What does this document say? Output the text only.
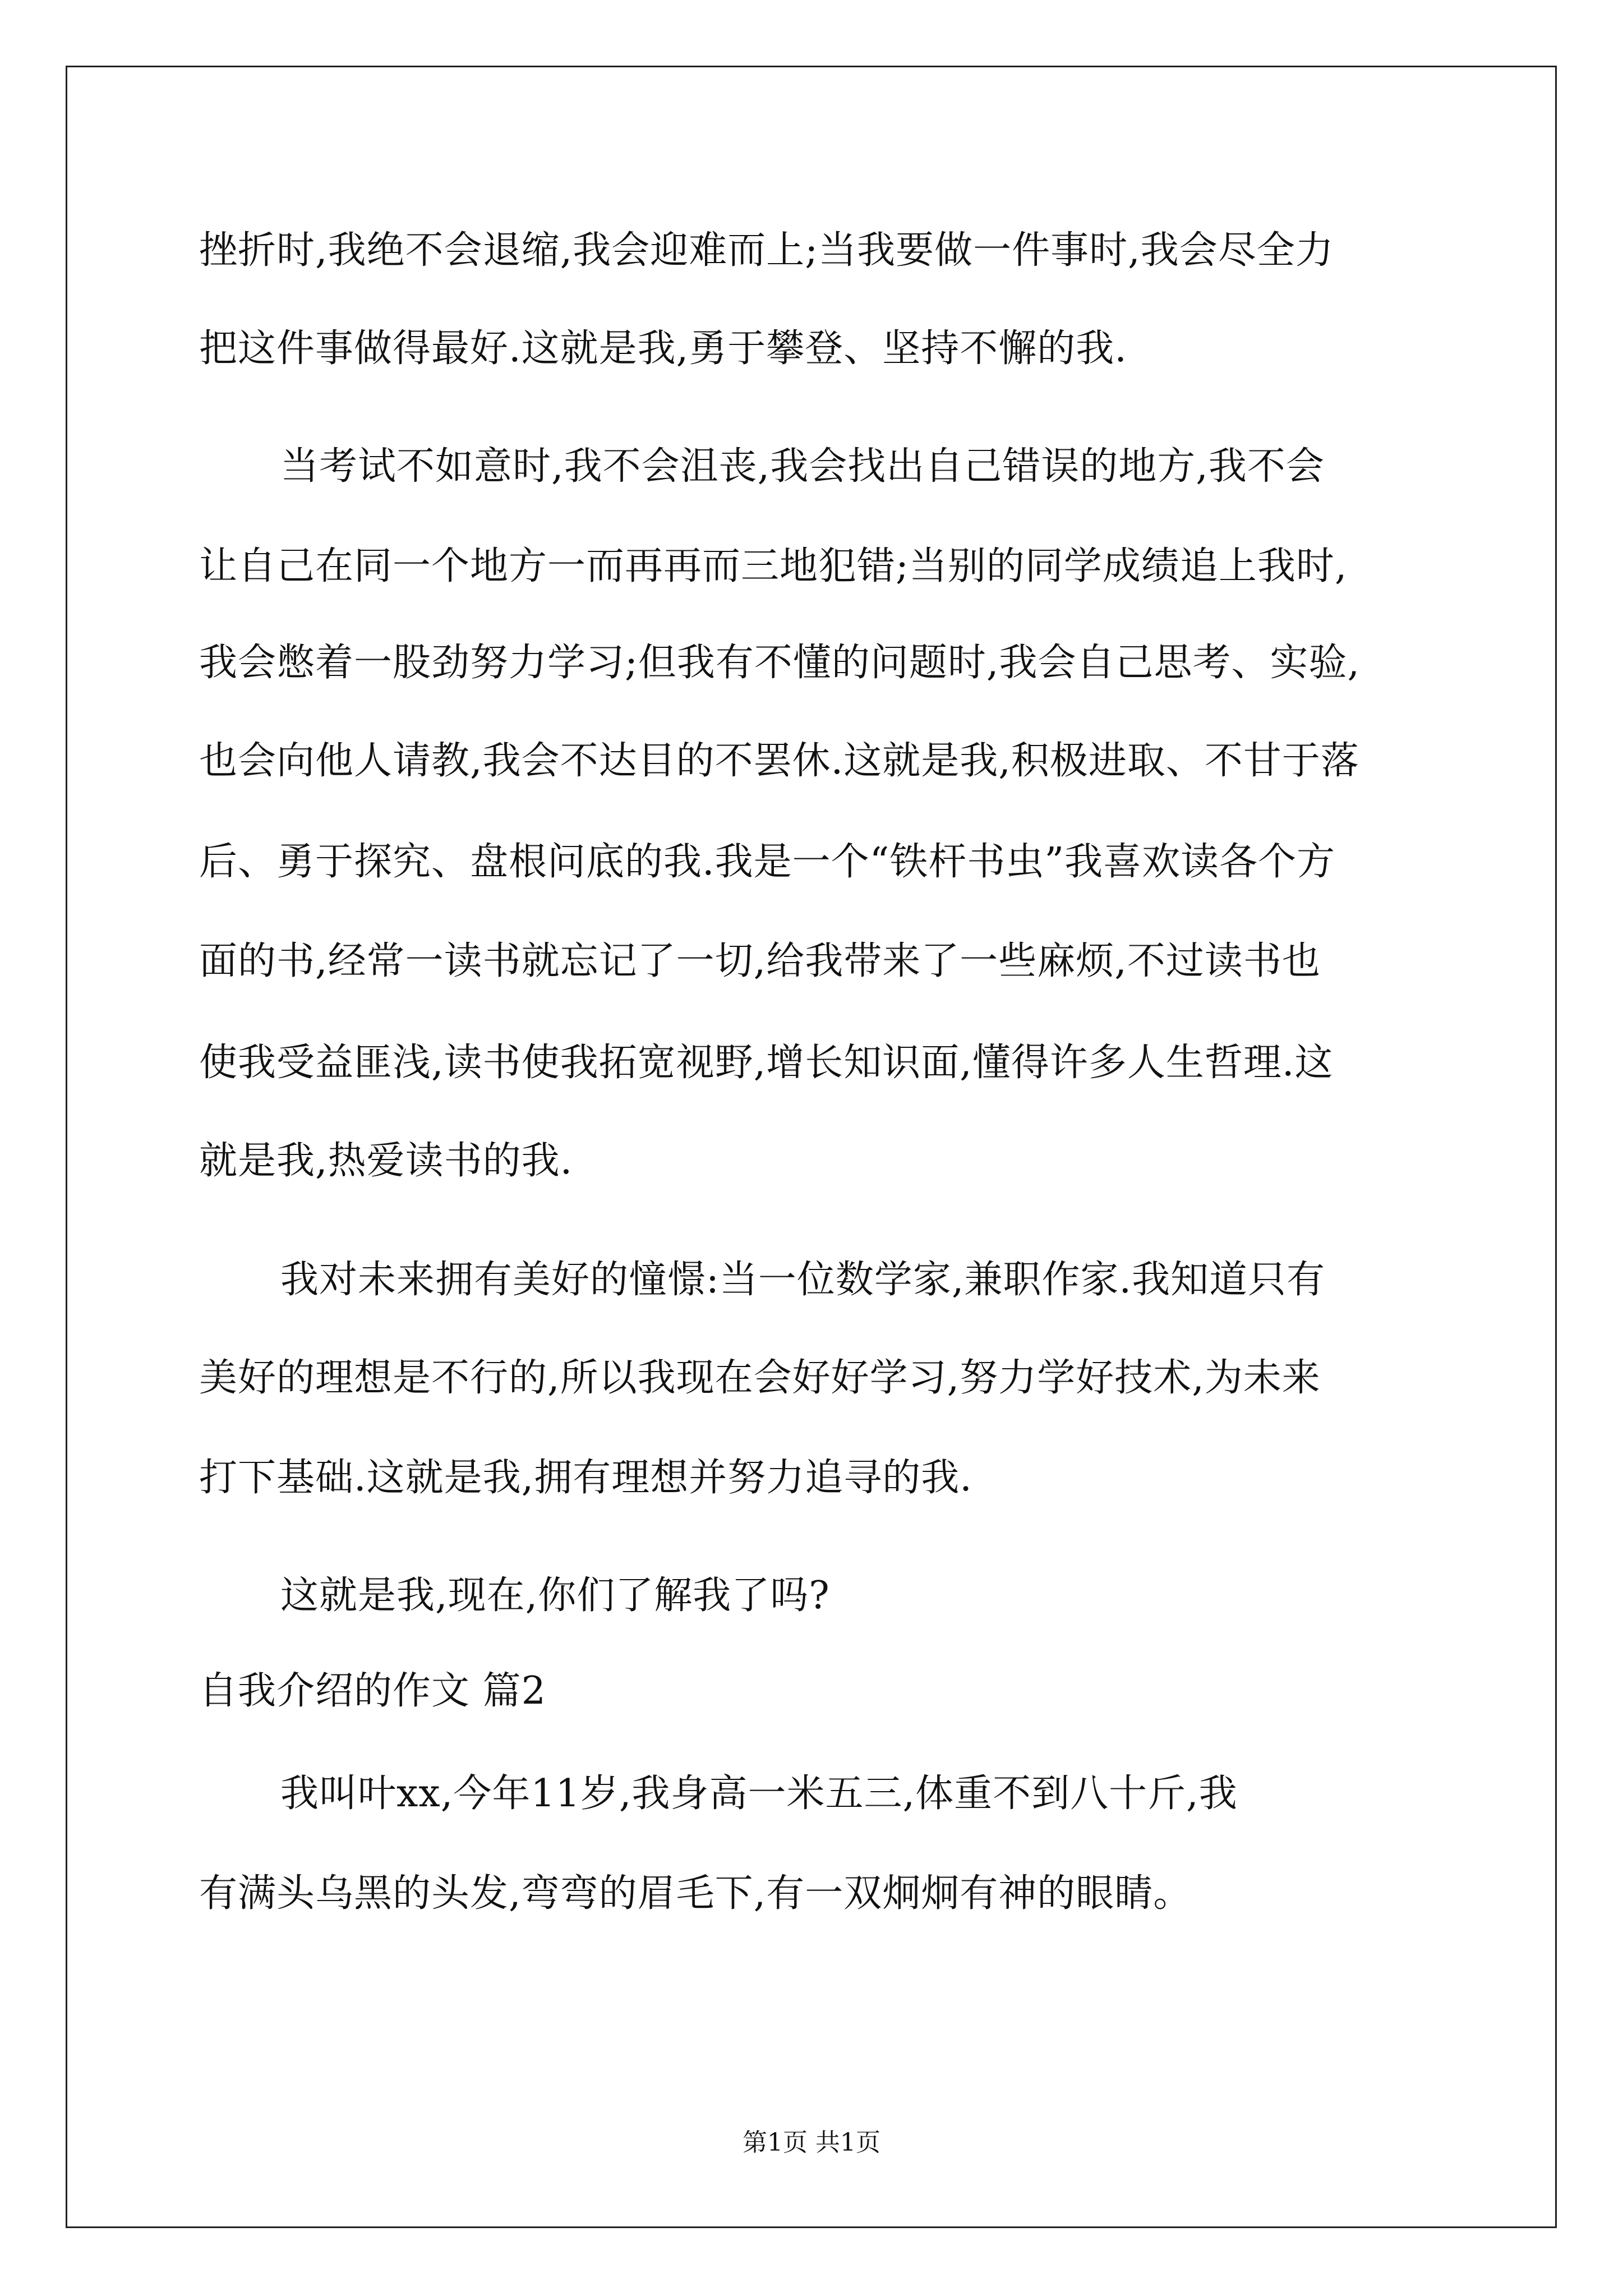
挫折时,我绝不会退缩,我会迎难而上;当我要做一件事时,我会尽全力
把这件事做得最好.这就是我,勇于攀登、坚持不懈的我.
当考试不如意时,我不会沮丧,我会找出自己错误的地方,我不会
让自己在同一个地方一而再再而三地犯错;当别的同学成绩追上我时,
我会憋着一股劲努力学习;但我有不懂的问题时,我会自己思考、实验,
也会向他人请教,我会不达目的不罢休.这就是我,积极进取、不甘于落
后、勇于探究、盘根问底的我.我是一个“铁杆书虫”我喜欢读各个方
面的书,经常一读书就忘记了一切,给我带来了一些麻烦,不过读书也
使我受益匪浅,读书使我拓宽视野,增长知识面,懂得许多人生哲理.这
就是我,热爱读书的我.
我对未来拥有美好的憧憬:当一位数学家,兼职作家.我知道只有
美好的理想是不行的,所以我现在会好好学习,努力学好技术,为未来
打下基础.这就是我,拥有理想并努力追寻的我.
这就是我,现在,你们了解我了吗?
自我介绍的作文 篇2
我叫叶xx,今年11岁,我身高一米五三,体重不到八十斤,我
有满头乌黑的头发,弯弯的眉毛下,有一双炯炯有神的眼睛。
第1页 共1页
